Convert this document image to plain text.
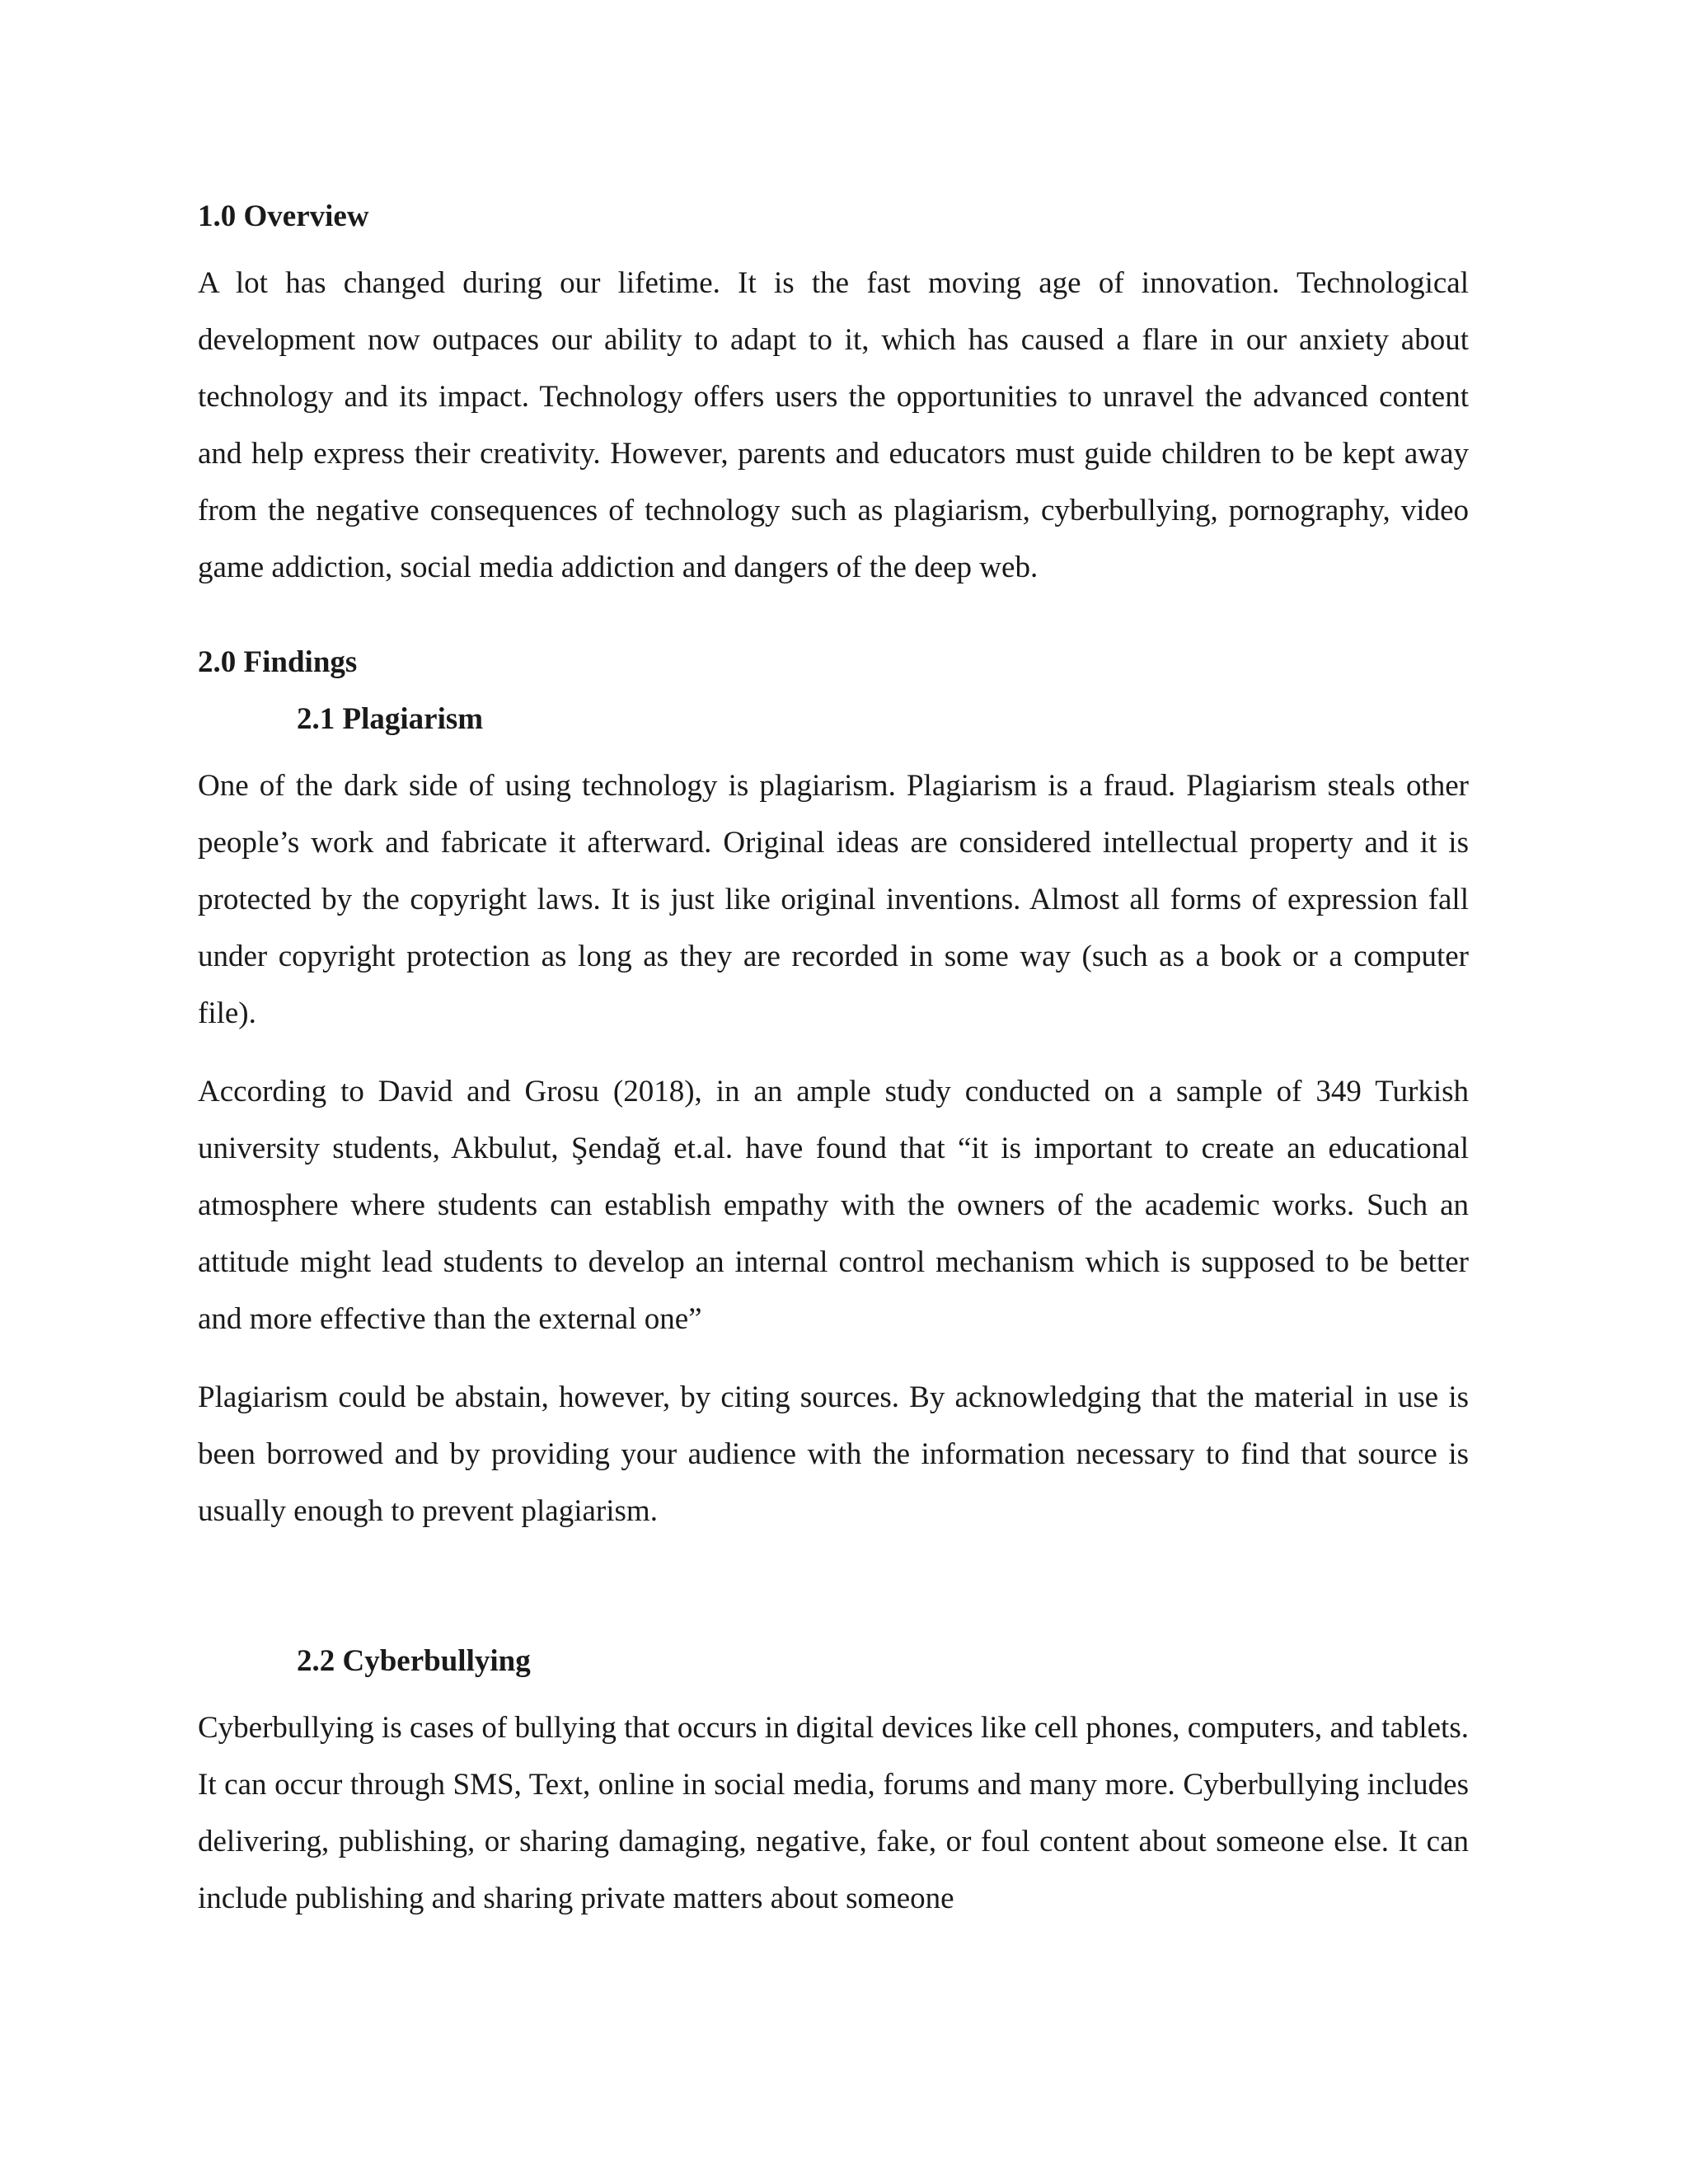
1.0 Overview

A lot has changed during our lifetime. It is the fast moving age of innovation. Technological development now outpaces our ability to adapt to it, which has caused a flare in our anxiety about technology and its impact. Technology offers users the opportunities to unravel the advanced content and help express their creativity. However, parents and educators must guide children to be kept away from the negative consequences of technology such as plagiarism, cyberbullying, pornography, video game addiction, social media addiction and dangers of the deep web.

2.0 Findings
2.1 Plagiarism

One of the dark side of using technology is plagiarism. Plagiarism is a fraud. Plagiarism steals other people’s work and fabricate it afterward. Original ideas are considered intellectual property and it is protected by the copyright laws. It is just like original inventions. Almost all forms of expression fall under copyright protection as long as they are recorded in some way (such as a book or a computer file).

According to David and Grosu (2018), in an ample study conducted on a sample of 349 Turkish university students, Akbulut, Şendağ et.al. have found that “it is important to create an educational atmosphere where students can establish empathy with the owners of the academic works. Such an attitude might lead students to develop an internal control mechanism which is supposed to be better and more effective than the external one”

Plagiarism could be abstain, however, by citing sources. By acknowledging that the material in use is been borrowed and by providing your audience with the information necessary to find that source is usually enough to prevent plagiarism.

2.2 Cyberbullying

Cyberbullying is cases of bullying that occurs in digital devices like cell phones, computers, and tablets. It can occur through SMS, Text, online in social media, forums and many more. Cyberbullying includes delivering, publishing, or sharing damaging, negative, fake, or foul content about someone else. It can include publishing and sharing private matters about someone
